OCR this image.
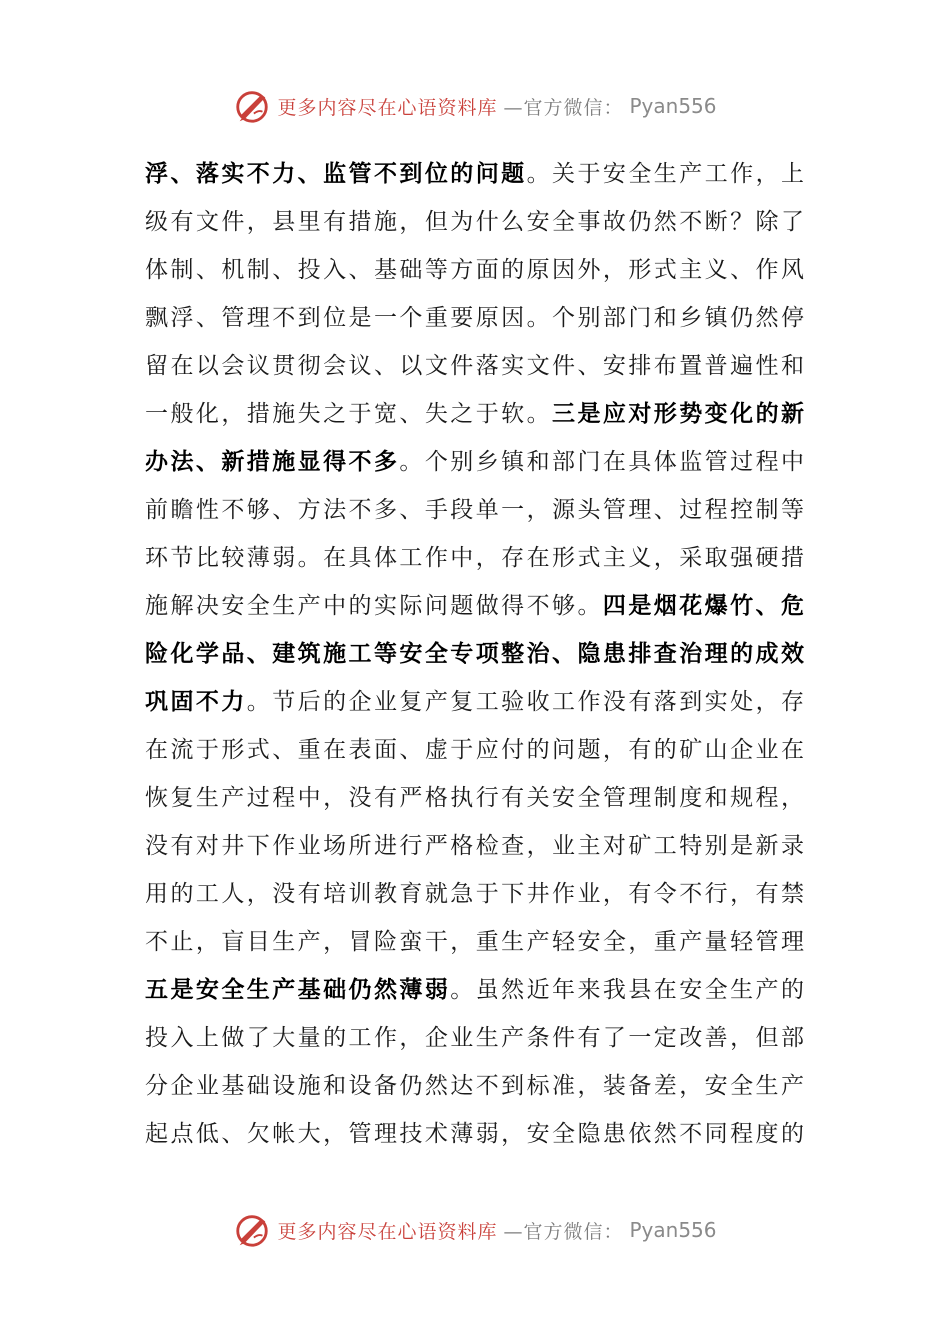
更多内容尽在心语资料库 —官方微信： Pyan556
浮、落实不力、监管不到位的问题。关于安全生产工作，上
级有文件，县里有措施，但为什么安全事故仍然不断？除了
体制、机制、投入、基础等方面的原因外，形式主义、作风
飘浮、管理不到位是一个重要原因。个别部门和乡镇仍然停
留在以会议贯彻会议、以文件落实文件、安排布置普遍性和
一般化，措施失之于宽、失之于软。三是应对形势变化的新
办法、新措施显得不多。个别乡镇和部门在具体监管过程中
前瞻性不够、方法不多、手段单一，源头管理、过程控制等
环节比较薄弱。在具体工作中，存在形式主义，采取强硬措
施解决安全生产中的实际问题做得不够。四是烟花爆竹、危
险化学品、建筑施工等安全专项整治、隐患排查治理的成效
巩固不力。节后的企业复产复工验收工作没有落到实处，存
在流于形式、重在表面、虚于应付的问题，有的矿山企业在
恢复生产过程中，没有严格执行有关安全管理制度和规程，
没有对井下作业场所进行严格检查，业主对矿工特别是新录
用的工人，没有培训教育就急于下井作业，有令不行，有禁
不止，盲目生产，冒险蛮干，重生产轻安全，重产量轻管理
五是安全生产基础仍然薄弱。虽然近年来我县在安全生产的
投入上做了大量的工作，企业生产条件有了一定改善，但部
分企业基础设施和设备仍然达不到标准，装备差，安全生产
起点低、欠帐大，管理技术薄弱，安全隐患依然不同程度的
更多内容尽在心语资料库 —官方微信： Pyan556
